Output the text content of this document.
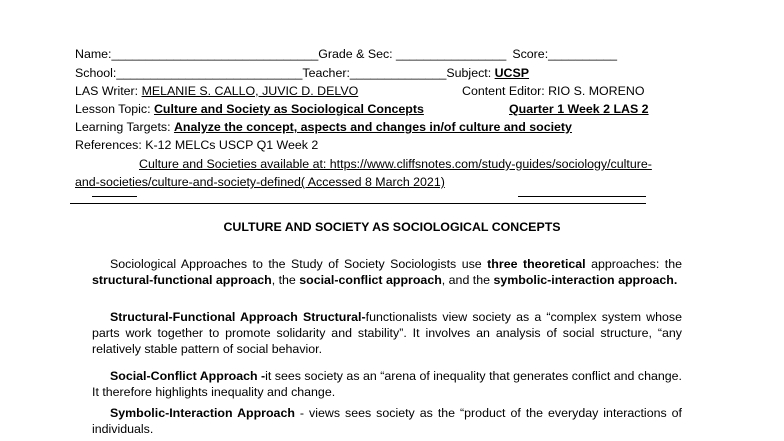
Name:______________________________Grade & Sec: ________________ Score:__________
School:___________________________Teacher:______________Subject: UCSP
LAS Writer: MELANIE S. CALLO, JUVIC D. DELVO	Content Editor: RIO S. MORENO
Lesson Topic: Culture and Society as Sociological Concepts	Quarter 1 Week 2 LAS 2
Learning Targets: Analyze the concept, aspects and changes in/of culture and society
References: K-12 MELCs USCP Q1 Week 2
Culture and Societies available at: https://www.cliffsnotes.com/study-guides/sociology/culture-
and-societies/culture-and-society-defined( Accessed 8 March 2021)
CULTURE AND SOCIETY AS SOCIOLOGICAL CONCEPTS
Sociological Approaches to the Study of Society Sociologists use three theoretical approaches: the structural-functional approach, the social-conflict approach, and the symbolic-interaction approach.
Structural-Functional Approach Structural-functionalists view society as a “complex system whose parts work together to promote solidarity and stability”. It involves an analysis of social structure, “any relatively stable pattern of social behavior.
Social-Conflict Approach -it sees society as an “arena of inequality that generates conflict and change. It therefore highlights inequality and change.
Symbolic-Interaction Approach - views sees society as the “product of the everyday interactions of individuals.
